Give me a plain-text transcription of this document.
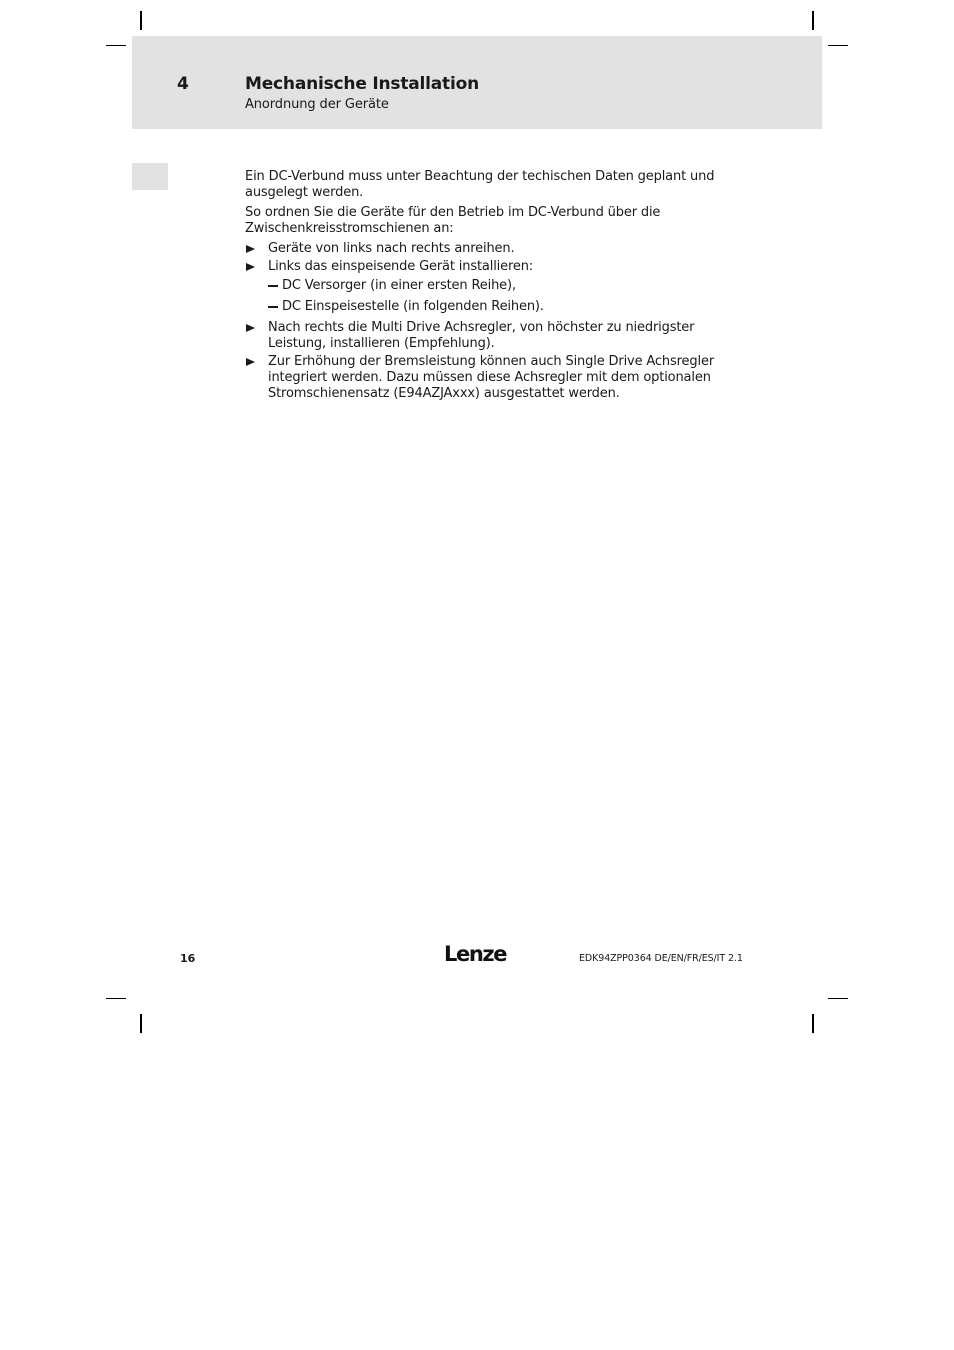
4	Mechanische Installation
Anordnung der Geräte

Ein DC-Verbund muss unter Beachtung der techischen Daten geplant und ausgelegt werden.

So ordnen Sie die Geräte für den Betrieb im DC-Verbund über die Zwischenkreisstromschienen an:

Geräte von links nach rechts anreihen.
Links das einspeisende Gerät installieren:
DC Versorger (in einer ersten Reihe),
DC Einspeisestelle (in folgenden Reihen).
Nach rechts die Multi Drive Achsregler, von höchster zu niedrigster Leistung, installieren (Empfehlung).
Zur Erhöhung der Bremsleistung können auch Single Drive Achsregler integriert werden. Dazu müssen diese Achsregler mit dem optionalen Stromschienensatz (E94AZJAxxx) ausgestattet werden.
16	Lenze	EDK94ZPP0364 DE/EN/FR/ES/IT 2.1
